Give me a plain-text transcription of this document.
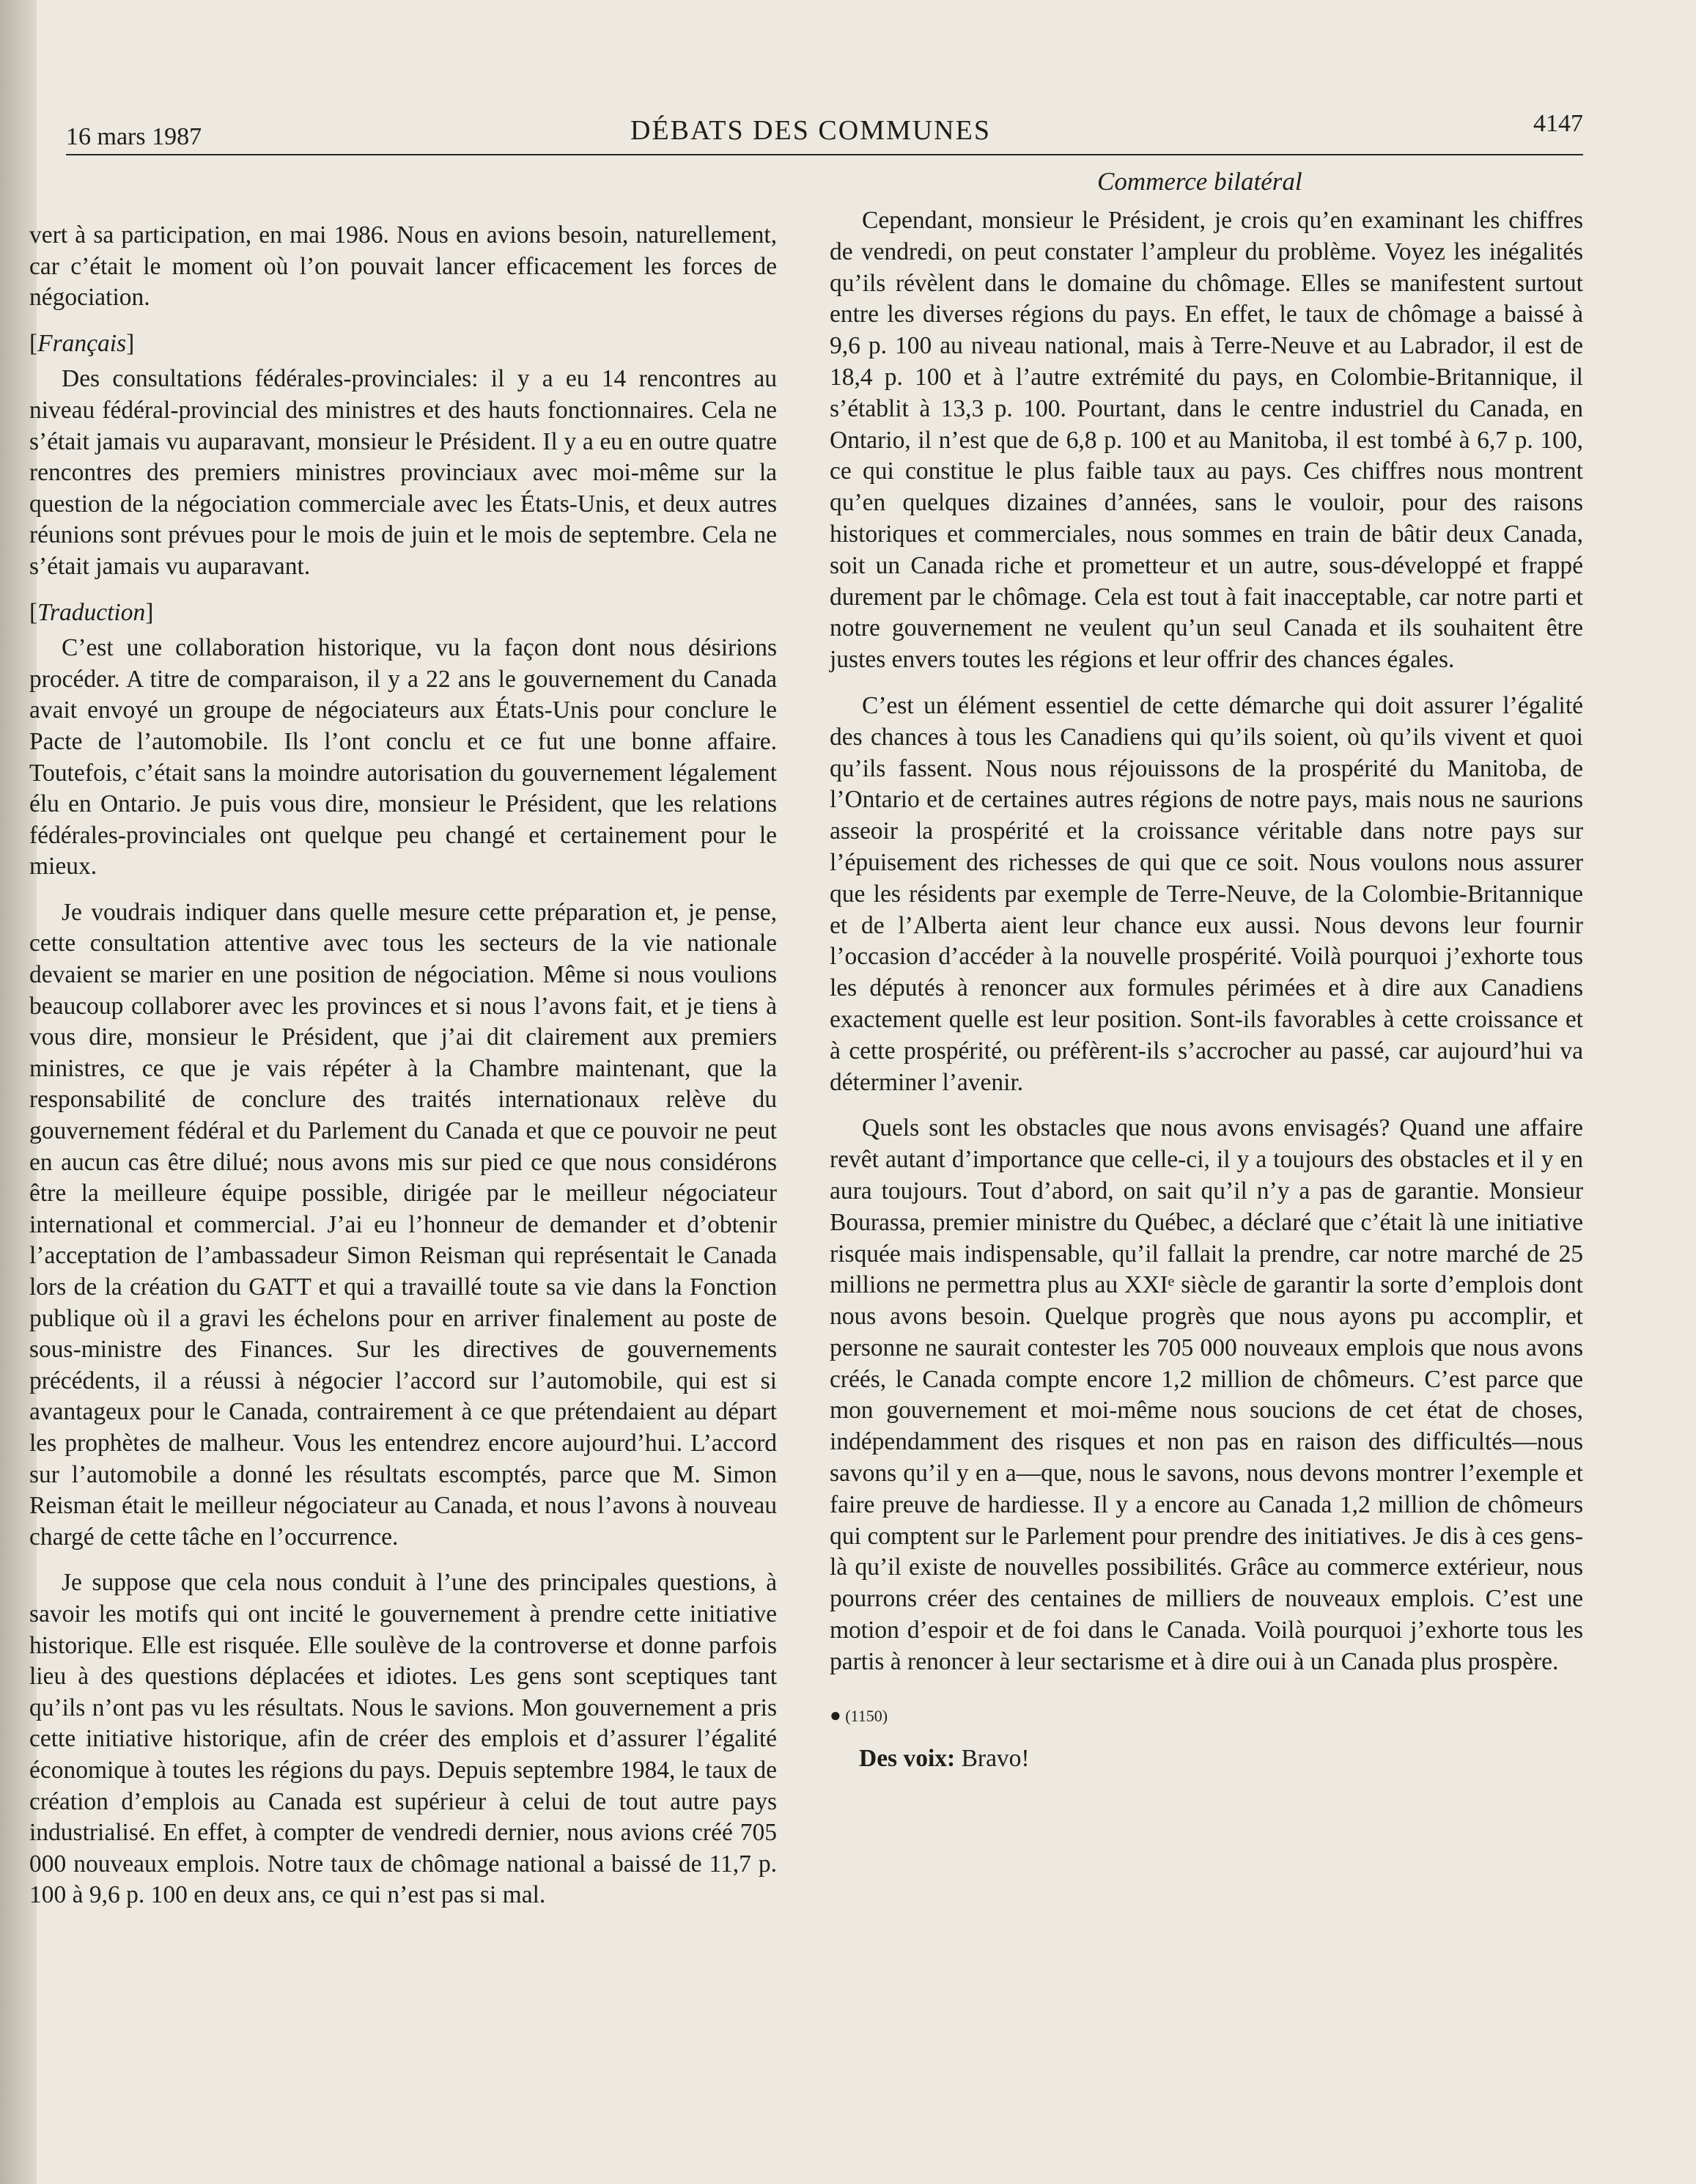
16 mars 1987	DÉBATS DES COMMUNES	4147
Commerce bilatéral

vert à sa participation, en mai 1986. Nous en avions besoin, naturellement, car c’était le moment où l’on pouvait lancer efficacement les forces de négociation.

[Français]

Des consultations fédérales-provinciales: il y a eu 14 rencontres au niveau fédéral-provincial des ministres et des hauts fonctionnaires. Cela ne s’était jamais vu auparavant, monsieur le Président. Il y a eu en outre quatre rencontres des premiers ministres provinciaux avec moi-même sur la question de la négociation commerciale avec les États-Unis, et deux autres réunions sont prévues pour le mois de juin et le mois de septembre. Cela ne s’était jamais vu auparavant.

[Traduction]

C’est une collaboration historique, vu la façon dont nous désirions procéder. A titre de comparaison, il y a 22 ans le gouvernement du Canada avait envoyé un groupe de négociateurs aux États-Unis pour conclure le Pacte de l’automobile. Ils l’ont conclu et ce fut une bonne affaire. Toutefois, c’était sans la moindre autorisation du gouvernement légalement élu en Ontario. Je puis vous dire, monsieur le Président, que les relations fédérales-provinciales ont quelque peu changé et certainement pour le mieux.

Je voudrais indiquer dans quelle mesure cette préparation et, je pense, cette consultation attentive avec tous les secteurs de la vie nationale devaient se marier en une position de négociation. Même si nous voulions beaucoup collaborer avec les provinces et si nous l’avons fait, et je tiens à vous dire, monsieur le Président, que j’ai dit clairement aux premiers ministres, ce que je vais répéter à la Chambre maintenant, que la responsabilité de conclure des traités internationaux relève du gouvernement fédéral et du Parlement du Canada et que ce pouvoir ne peut en aucun cas être dilué; nous avons mis sur pied ce que nous considérons être la meilleure équipe possible, dirigée par le meilleur négociateur international et commercial. J’ai eu l’honneur de demander et d’obtenir l’acceptation de l’ambassadeur Simon Reisman qui représentait le Canada lors de la création du GATT et qui a travaillé toute sa vie dans la Fonction publique où il a gravi les échelons pour en arriver finalement au poste de sous-ministre des Finances. Sur les directives de gouvernements précédents, il a réussi à négocier l’accord sur l’automobile, qui est si avantageux pour le Canada, contrairement à ce que prétendaient au départ les prophètes de malheur. Vous les entendrez encore aujourd’hui. L’accord sur l’automobile a donné les résultats escomptés, parce que M. Simon Reisman était le meilleur négociateur au Canada, et nous l’avons à nouveau chargé de cette tâche en l’occurrence.

Je suppose que cela nous conduit à l’une des principales questions, à savoir les motifs qui ont incité le gouvernement à prendre cette initiative historique. Elle est risquée. Elle soulève de la controverse et donne parfois lieu à des questions déplacées et idiotes. Les gens sont sceptiques tant qu’ils n’ont pas vu les résultats. Nous le savions. Mon gouvernement a pris cette initiative historique, afin de créer des emplois et d’assurer l’égalité économique à toutes les régions du pays. Depuis septembre 1984, le taux de création d’emplois au Canada est supérieur à celui de tout autre pays industrialisé. En effet, à compter de vendredi dernier, nous avions créé 705 000 nouveaux emplois. Notre taux de chômage national a baissé de 11,7 p. 100 à 9,6 p. 100 en deux ans, ce qui n’est pas si mal.

Cependant, monsieur le Président, je crois qu’en examinant les chiffres de vendredi, on peut constater l’ampleur du problème. Voyez les inégalités qu’ils révèlent dans le domaine du chômage. Elles se manifestent surtout entre les diverses régions du pays. En effet, le taux de chômage a baissé à 9,6 p. 100 au niveau national, mais à Terre-Neuve et au Labrador, il est de 18,4 p. 100 et à l’autre extrémité du pays, en Colombie-Britannique, il s’établit à 13,3 p. 100. Pourtant, dans le centre industriel du Canada, en Ontario, il n’est que de 6,8 p. 100 et au Manitoba, il est tombé à 6,7 p. 100, ce qui constitue le plus faible taux au pays. Ces chiffres nous montrent qu’en quelques dizaines d’années, sans le vouloir, pour des raisons historiques et commerciales, nous sommes en train de bâtir deux Canada, soit un Canada riche et prometteur et un autre, sous-développé et frappé durement par le chômage. Cela est tout à fait inacceptable, car notre parti et notre gouvernement ne veulent qu’un seul Canada et ils souhaitent être justes envers toutes les régions et leur offrir des chances égales.

C’est un élément essentiel de cette démarche qui doit assurer l’égalité des chances à tous les Canadiens qui qu’ils soient, où qu’ils vivent et quoi qu’ils fassent. Nous nous réjouissons de la prospérité du Manitoba, de l’Ontario et de certaines autres régions de notre pays, mais nous ne saurions asseoir la prospérité et la croissance véritable dans notre pays sur l’épuisement des richesses de qui que ce soit. Nous voulons nous assurer que les résidents par exemple de Terre-Neuve, de la Colombie-Britannique et de l’Alberta aient leur chance eux aussi. Nous devons leur fournir l’occasion d’accéder à la nouvelle prospérité. Voilà pourquoi j’exhorte tous les députés à renoncer aux formules périmées et à dire aux Canadiens exactement quelle est leur position. Sont-ils favorables à cette croissance et à cette prospérité, ou préfèrent-ils s’accrocher au passé, car aujourd’hui va déterminer l’avenir.

Quels sont les obstacles que nous avons envisagés? Quand une affaire revêt autant d’importance que celle-ci, il y a toujours des obstacles et il y en aura toujours. Tout d’abord, on sait qu’il n’y a pas de garantie. Monsieur Bourassa, premier ministre du Québec, a déclaré que c’était là une initiative risquée mais indispensable, qu’il fallait la prendre, car notre marché de 25 millions ne permettra plus au XXIᵉ siècle de garantir la sorte d’emplois dont nous avons besoin. Quelque progrès que nous ayons pu accomplir, et personne ne saurait contester les 705 000 nouveaux emplois que nous avons créés, le Canada compte encore 1,2 million de chômeurs. C’est parce que mon gouvernement et moi-même nous soucions de cet état de choses, indépendamment des risques et non pas en raison des difficultés—nous savons qu’il y en a—que, nous le savons, nous devons montrer l’exemple et faire preuve de hardiesse. Il y a encore au Canada 1,2 million de chômeurs qui comptent sur le Parlement pour prendre des initiatives. Je dis à ces gens-là qu’il existe de nouvelles possibilités. Grâce au commerce extérieur, nous pourrons créer des centaines de milliers de nouveaux emplois. C’est une motion d’espoir et de foi dans le Canada. Voilà pourquoi j’exhorte tous les partis à renoncer à leur sectarisme et à dire oui à un Canada plus prospère.

● (1150)
Des voix: Bravo!
